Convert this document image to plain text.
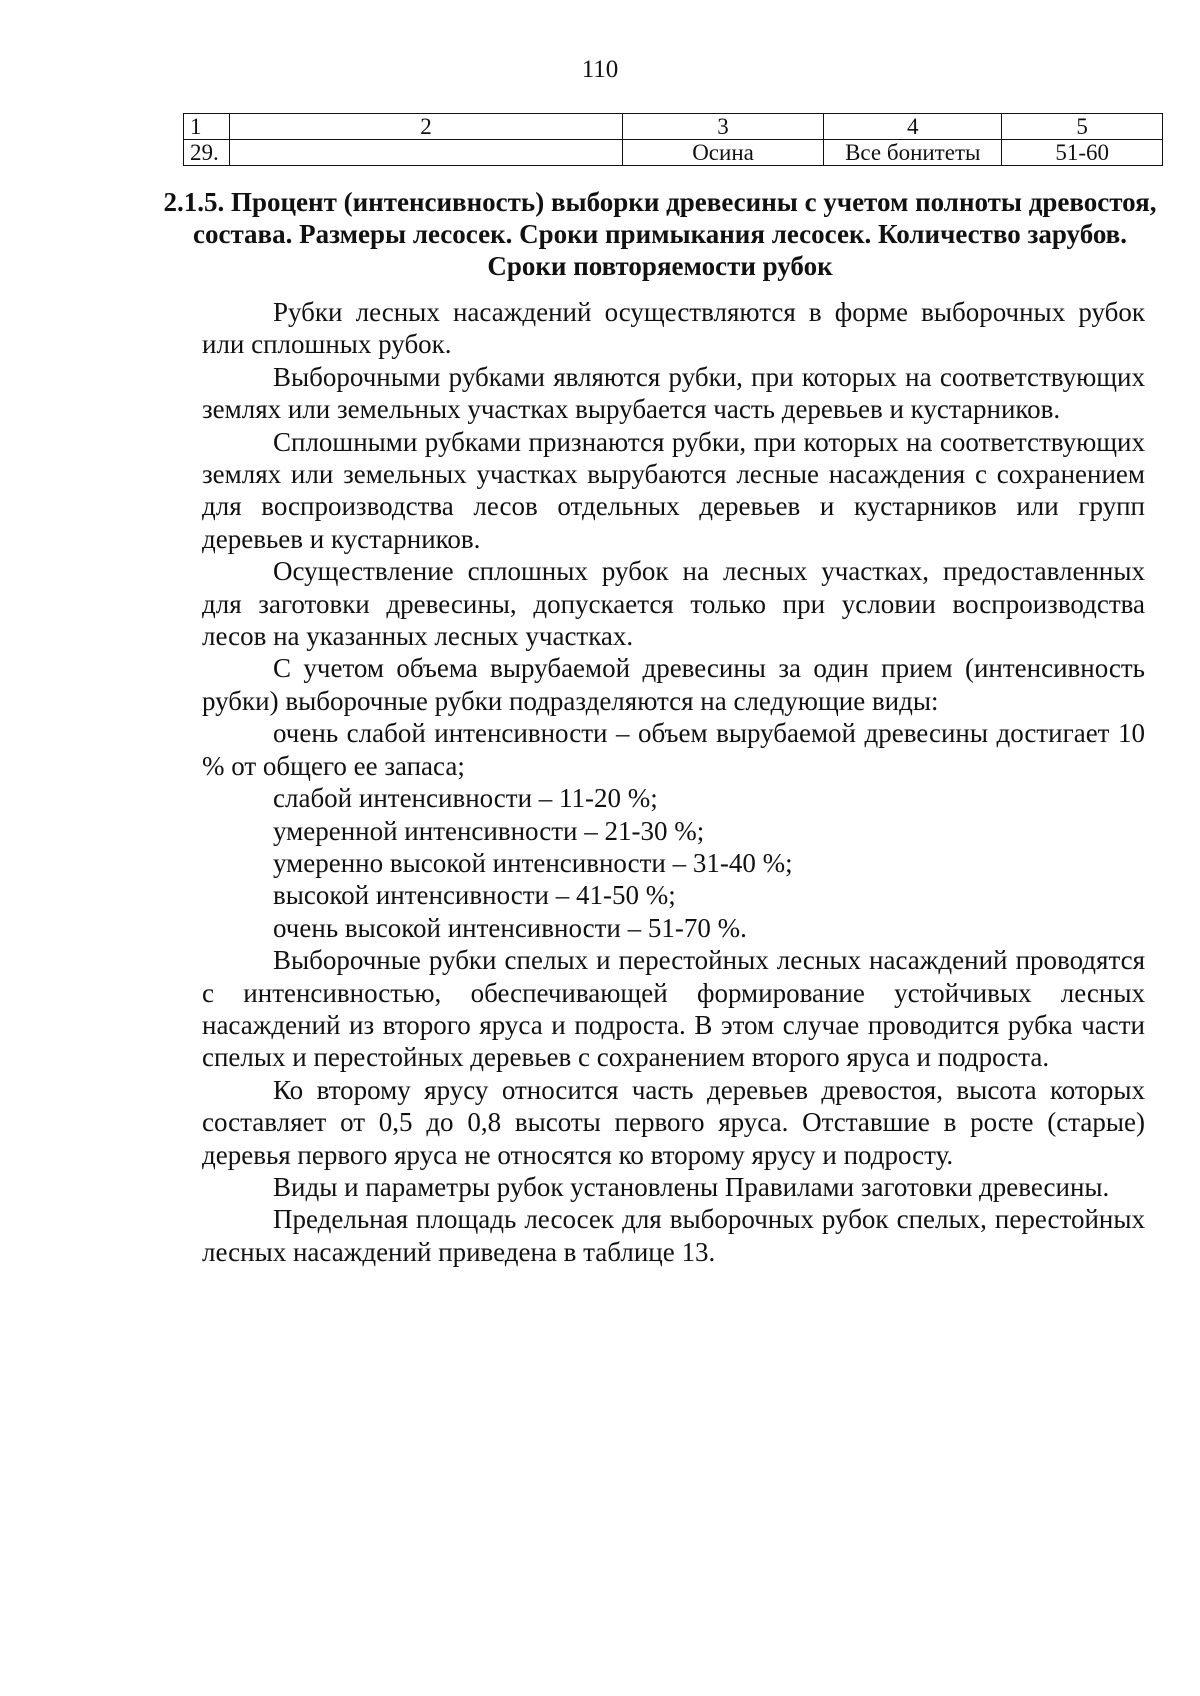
110
1	2	3	4	5
29.		Осина	Все бонитеты	51-60
2.1.5. Процент (интенсивность) выборки древесины с учетом полноты древостоя, состава. Размеры лесосек. Сроки примыкания лесосек. Количество зарубов. Сроки повторяемости рубок

Рубки лесных насаждений осуществляются в форме выборочных рубок или сплошных рубок.

Выборочными рубками являются рубки, при которых на соответствующих землях или земельных участках вырубается часть деревьев и кустарников.

Сплошными рубками признаются рубки, при которых на соответствующих землях или земельных участках вырубаются лесные насаждения с сохранением для воспроизводства лесов отдельных деревьев и кустарников или групп деревьев и кустарников.

Осуществление сплошных рубок на лесных участках, предоставленных для заготовки древесины, допускается только при условии воспроизводства лесов на указанных лесных участках.

С учетом объема вырубаемой древесины за один прием (интенсивность рубки) выборочные рубки подразделяются на следующие виды:

очень слабой интенсивности – объем вырубаемой древесины достигает 10 % от общего ее запаса;

слабой интенсивности – 11-20 %;

умеренной интенсивности – 21-30 %;

умеренно высокой интенсивности – 31-40 %;

высокой интенсивности – 41-50 %;

очень высокой интенсивности – 51-70 %.

Выборочные рубки спелых и перестойных лесных насаждений проводятся с интенсивностью, обеспечивающей формирование устойчивых лесных насаждений из второго яруса и подроста. В этом случае проводится рубка части спелых и перестойных деревьев с сохранением второго яруса и подроста.

Ко второму ярусу относится часть деревьев древостоя, высота которых составляет от 0,5 до 0,8 высоты первого яруса. Отставшие в росте (старые) деревья первого яруса не относятся ко второму ярусу и подросту.

Виды и параметры рубок установлены Правилами заготовки древесины.

Предельная площадь лесосек для выборочных рубок спелых, перестойных лесных насаждений приведена в таблице 13.
